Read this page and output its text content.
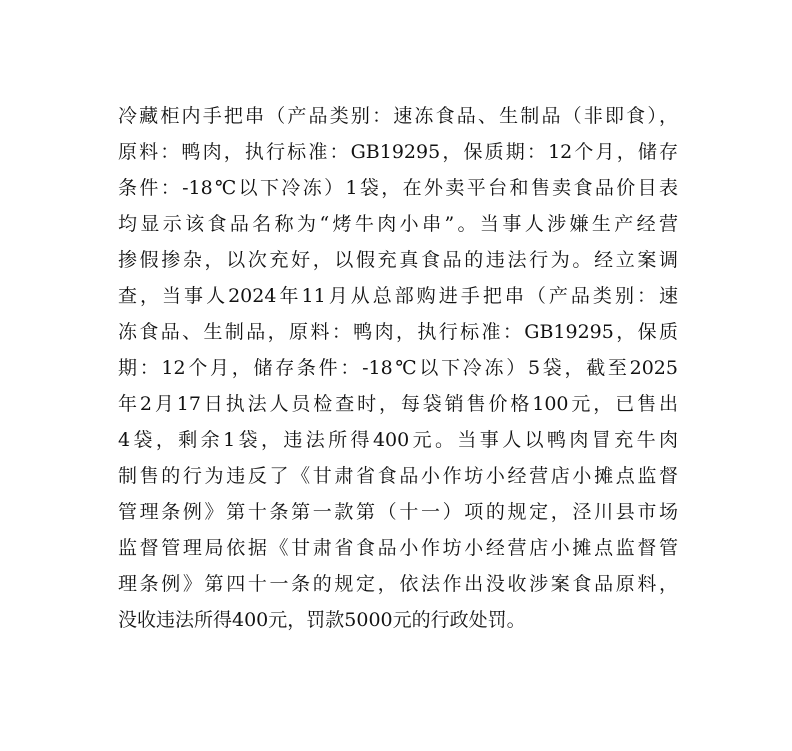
冷藏柜内手把串（产品类别：速冻食品、生制品（非即食），
原料：鸭肉，执行标准：GB19295，保质期：12个月，储存
条件：-18℃以下冷冻）1袋，在外卖平台和售卖食品价目表
均显示该食品名称为“烤牛肉小串”。当事人涉嫌生产经营
掺假掺杂，以次充好，以假充真食品的违法行为。经立案调
查，当事人2024年11月从总部购进手把串（产品类别：速
冻食品、生制品，原料：鸭肉，执行标准：GB19295，保质
期：12个月，储存条件：-18℃以下冷冻）5袋，截至2025
年2月17日执法人员检查时，每袋销售价格100元，已售出
4袋，剩余1袋，违法所得400元。当事人以鸭肉冒充牛肉
制售的行为违反了《甘肃省食品小作坊小经营店小摊点监督
管理条例》第十条第一款第（十一）项的规定，泾川县市场
监督管理局依据《甘肃省食品小作坊小经营店小摊点监督管
理条例》第四十一条的规定，依法作出没收涉案食品原料，
没收违法所得400元，罚款5000元的行政处罚。
